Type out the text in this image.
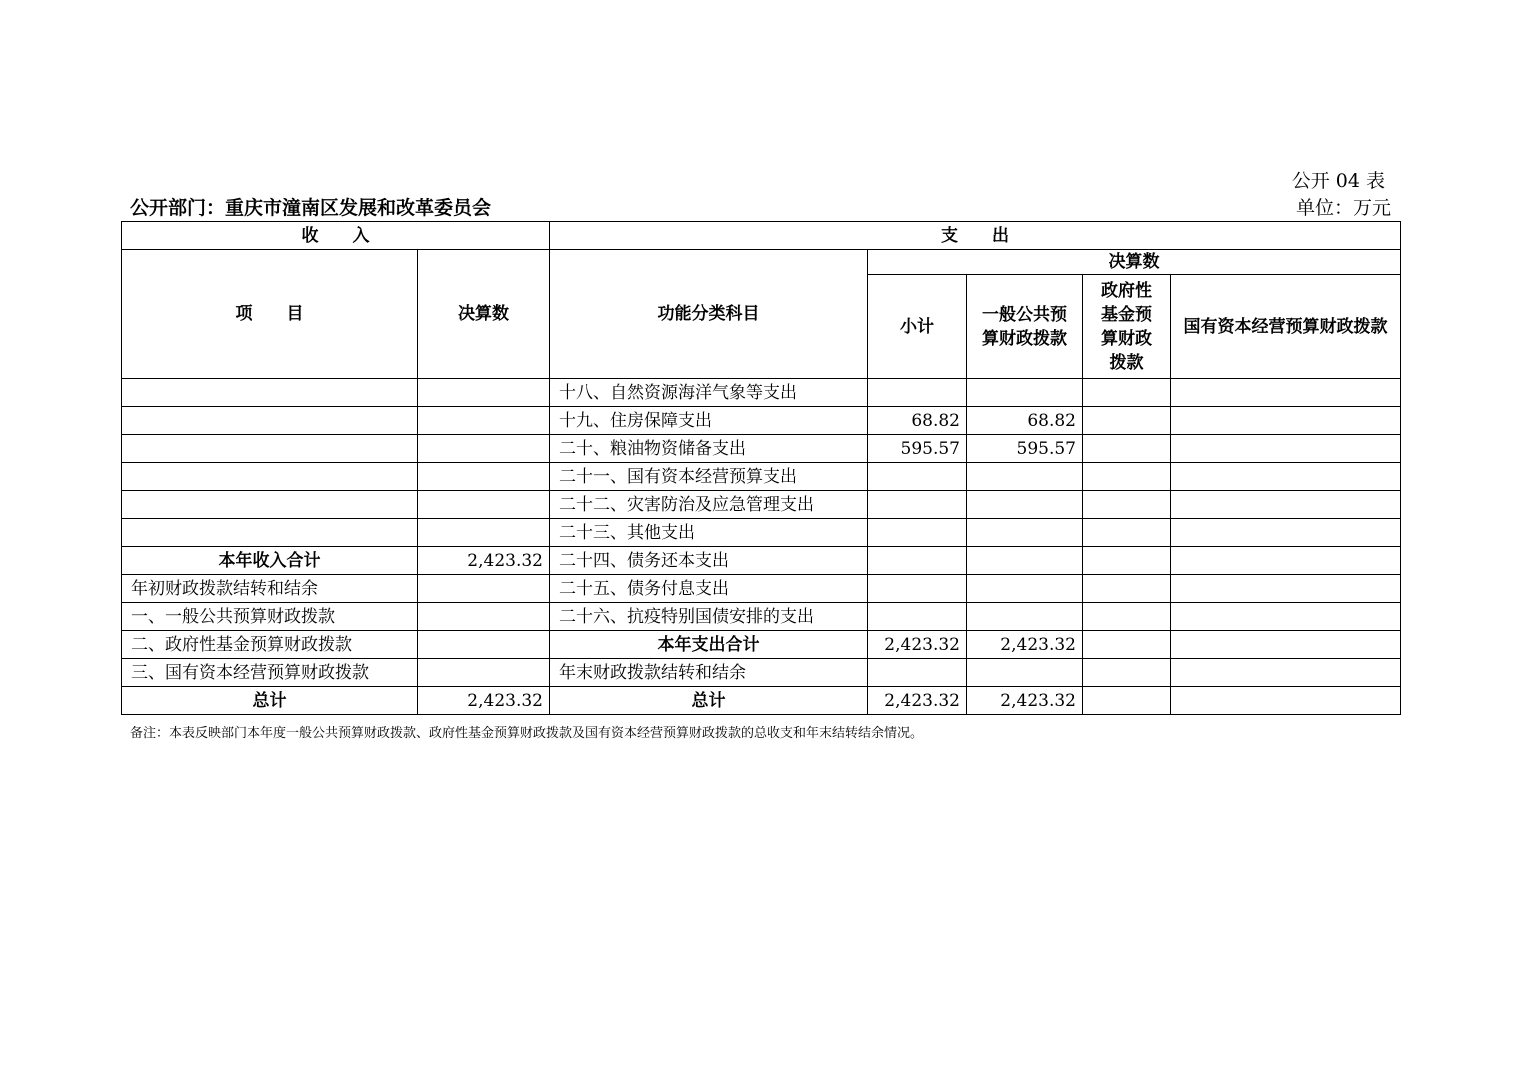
公开 04 表
公开部门：重庆市潼南区发展和改革委员会	单位：万元
收　　入		支　　出				
项　　目	决算数	功能分类科目	决算数			
			小计	一般公共预算财政拨款	政府性基金预算财政拨款	国有资本经营预算财政拨款
		十八、自然资源海洋气象等支出				
		十九、住房保障支出	68.82	68.82		
		二十、粮油物资储备支出	595.57	595.57		
		二十一、国有资本经营预算支出				
		二十二、灾害防治及应急管理支出				
		二十三、其他支出				
本年收入合计	2,423.32	二十四、债务还本支出				
年初财政拨款结转和结余		二十五、债务付息支出				
一、一般公共预算财政拨款		二十六、抗疫特别国债安排的支出				
二、政府性基金预算财政拨款		本年支出合计	2,423.32	2,423.32		
三、国有资本经营预算财政拨款		年末财政拨款结转和结余				
总计	2,423.32	总计	2,423.32	2,423.32		
备注：本表反映部门本年度一般公共预算财政拨款、政府性基金预算财政拨款及国有资本经营预算财政拨款的总收支和年末结转结余情况。
